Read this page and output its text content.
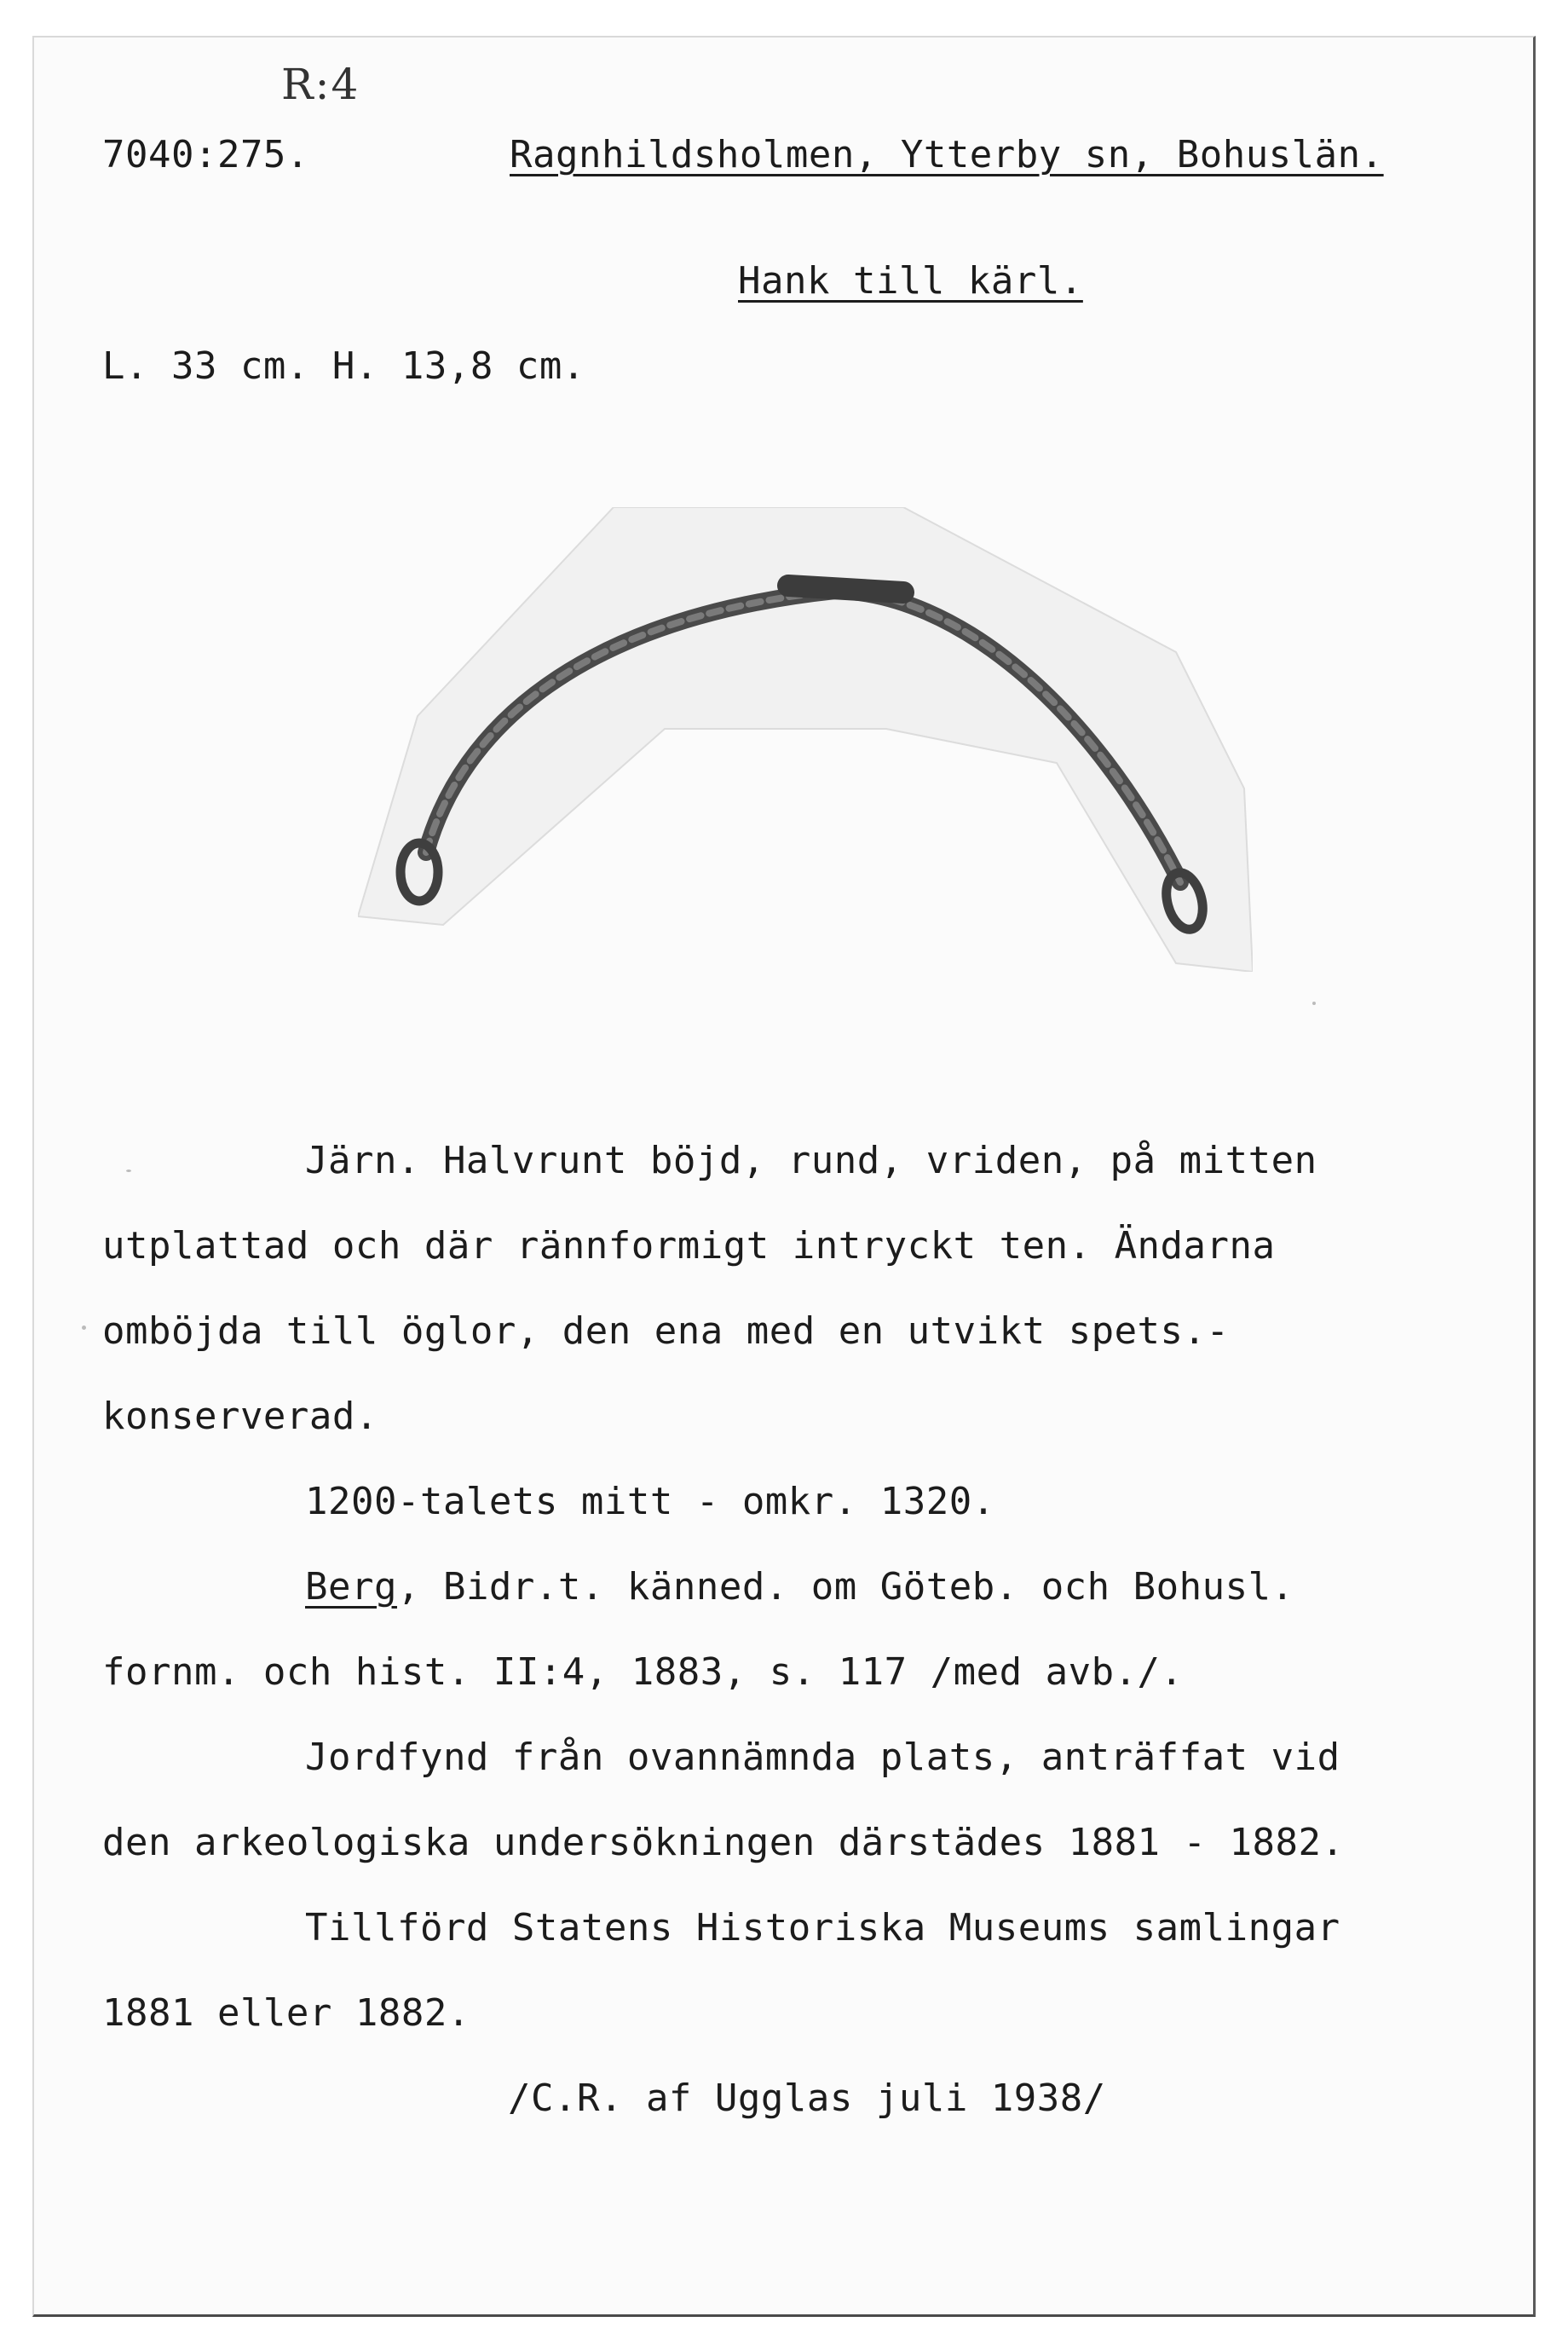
R:4
7040:275.	Ragnhildsholmen, Ytterby sn, Bohuslän.
Hank till kärl.
L. 33 cm. H. 13,8 cm.
Järn. Halvrunt böjd, rund, vriden, på mitten
utplattad och där rännformigt intryckt ten. Ändarna
omböjda till öglor, den ena med en utvikt spets.-
konserverad.
1200-talets mitt - omkr. 1320.
Berg, Bidr.t. känned. om Göteb. och Bohusl.
fornm. och hist. II:4, 1883, s. 117 /med avb./.
Jordfynd från ovannämnda plats, anträffat vid
den arkeologiska undersökningen därstädes 1881 - 1882.
Tillförd Statens Historiska Museums samlingar
1881 eller 1882.
/C.R. af Ugglas juli 1938/
